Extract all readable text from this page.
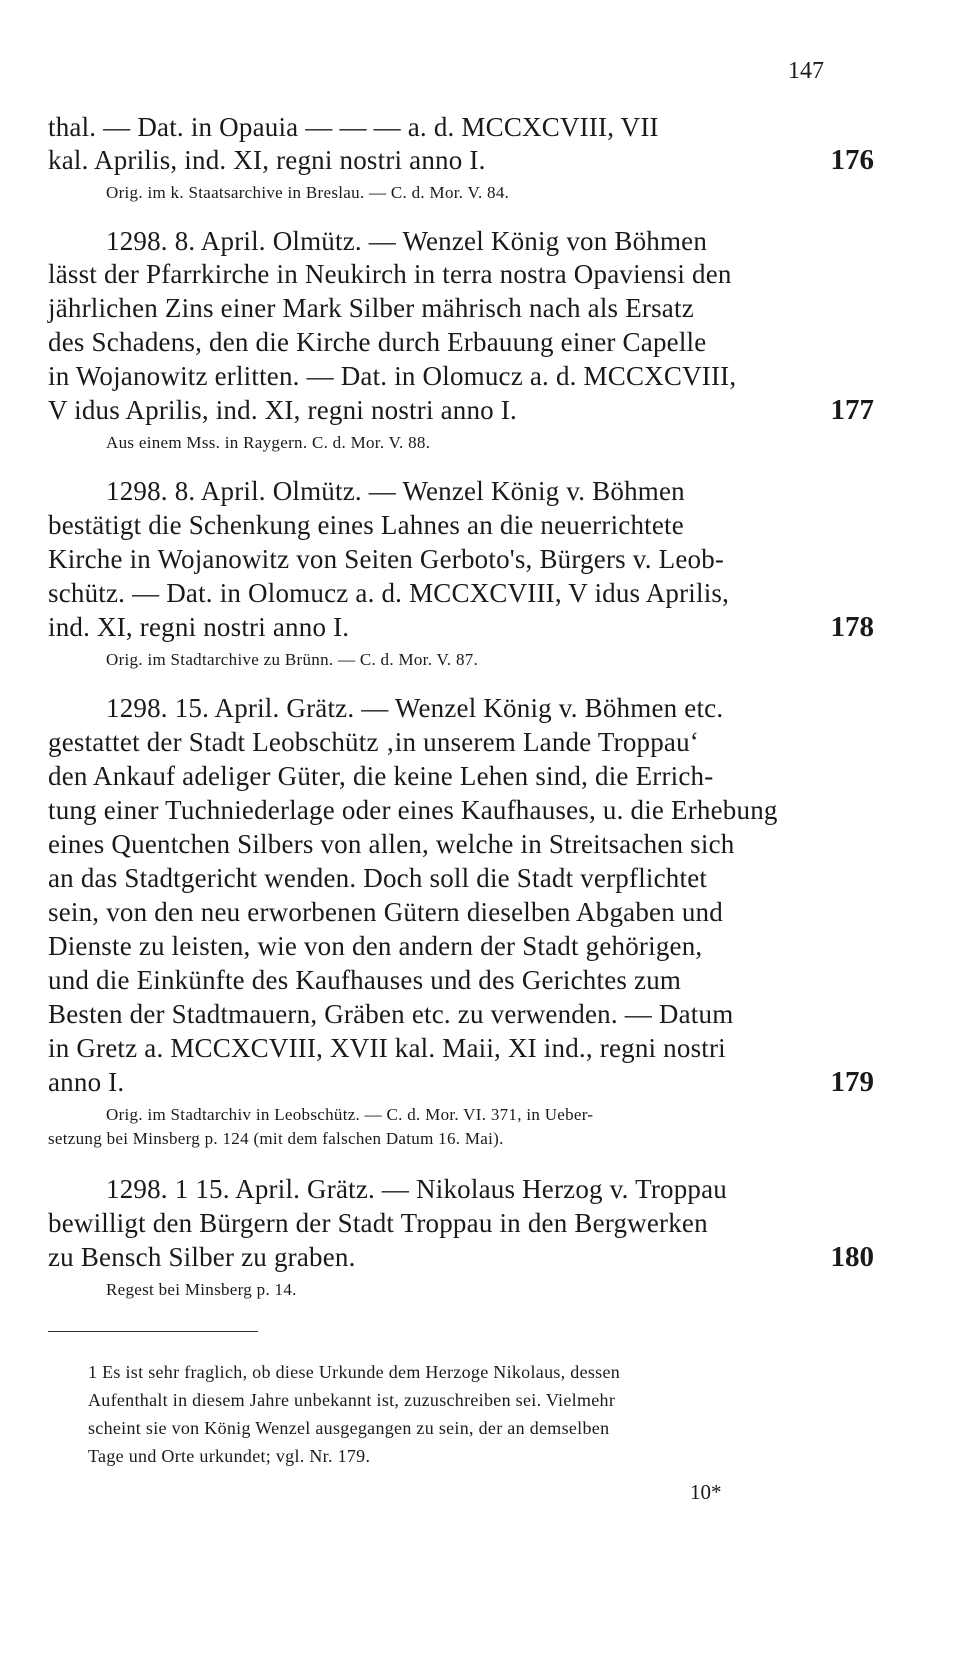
147
thal. — Dat. in Opauia — — — a. d. MCCXCVIII, VII
kal. Aprilis, ind. XI, regni nostri anno I.	176
Orig. im k. Staatsarchive in Breslau. — C. d. Mor. V. 84.
1298. 8. April. Olmütz. — Wenzel König von Böhmen
lässt der Pfarrkirche in Neukirch in terra nostra Opaviensi den
jährlichen Zins einer Mark Silber mährisch nach als Ersatz
des Schadens, den die Kirche durch Erbauung einer Capelle
in Wojanowitz erlitten. — Dat. in Olomucz a. d. MCCXCVIII,
V idus Aprilis, ind. XI, regni nostri anno I.	177
Aus einem Mss. in Raygern. C. d. Mor. V. 88.
1298. 8. April. Olmütz. — Wenzel König v. Böhmen
bestätigt die Schenkung eines Lahnes an die neuerrichtete
Kirche in Wojanowitz von Seiten Gerboto's, Bürgers v. Leob-
schütz. — Dat. in Olomucz a. d. MCCXCVIII, V idus Aprilis,
ind. XI, regni nostri anno I.	178
Orig. im Stadtarchive zu Brünn. — C. d. Mor. V. 87.
1298. 15. April. Grätz. — Wenzel König v. Böhmen etc.
gestattet der Stadt Leobschütz ‚in unserem Lande Troppau‘
den Ankauf adeliger Güter, die keine Lehen sind, die Errich-
tung einer Tuchniederlage oder eines Kaufhauses, u. die Erhebung
eines Quentchen Silbers von allen, welche in Streitsachen sich
an das Stadtgericht wenden. Doch soll die Stadt verpflichtet
sein, von den neu erworbenen Gütern dieselben Abgaben und
Dienste zu leisten, wie von den andern der Stadt gehörigen,
und die Einkünfte des Kaufhauses und des Gerichtes zum
Besten der Stadtmauern, Gräben etc. zu verwenden. — Datum
in Gretz a. MCCXCVIII, XVII kal. Maii, XI ind., regni nostri
anno I.	179
Orig. im Stadtarchiv in Leobschütz. — C. d. Mor. VI. 371, in Ueber-
setzung bei Minsberg p. 124 (mit dem falschen Datum 16. Mai).
1298. 1 15. April. Grätz. — Nikolaus Herzog v. Troppau
bewilligt den Bürgern der Stadt Troppau in den Bergwerken
zu Bensch Silber zu graben.	180
Regest bei Minsberg p. 14.
1 Es ist sehr fraglich, ob diese Urkunde dem Herzoge Nikolaus, dessen
Aufenthalt in diesem Jahre unbekannt ist, zuzuschreiben sei. Vielmehr
scheint sie von König Wenzel ausgegangen zu sein, der an demselben
Tage und Orte urkundet; vgl. Nr. 179.
10*
